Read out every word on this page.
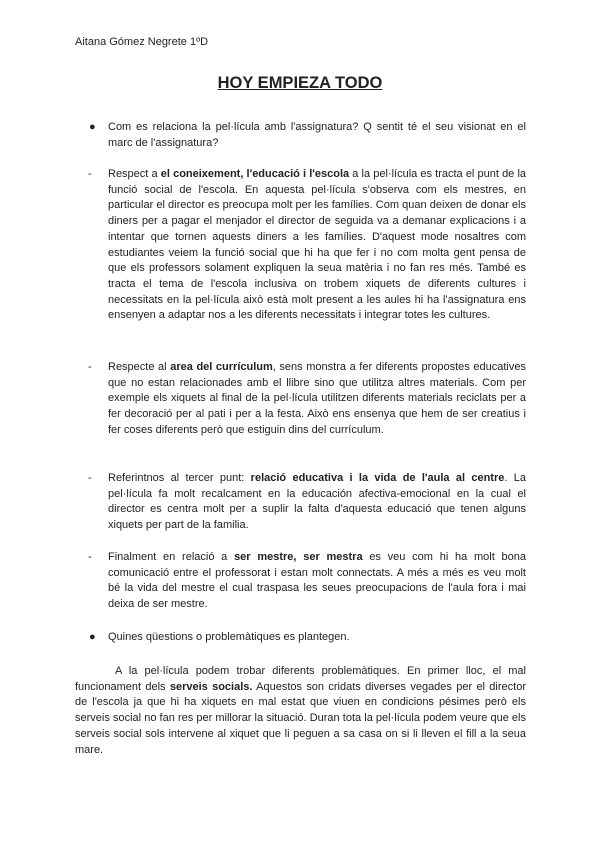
Aitana Gómez Negrete 1ºD
HOY EMPIEZA TODO
● Com es relaciona la pel·lícula amb l'assignatura? Q sentit té el seu visionat en el marc de l'assignatura?
- Respect a el coneixement, l'educació i l'escola a la pel·lícula es tracta el punt de la funció social de l'escola. En aquesta pel·lícula s'observa com els mestres, en particular el director es preocupa molt per les famílies. Com quan deixen de donar els diners per a pagar el menjador el director de seguida va a demanar explicacions i a intentar que tornen aquests diners a les famílies. D'aquest mode nosaltres com estudiantes veiem la funció social que hi ha que fer i no com molta gent pensa de que els professors solament expliquen la seua matèria i no fan res més. També es tracta el tema de l'escola inclusiva on trobem xiquets de diferents cultures i necessitats en la pel·lícula això està molt present a les aules hi ha l'assignatura ens ensenyen a adaptar nos a les diferents necessitats i integrar totes les cultures.
- Respecte al area del currículum, sens monstra a fer diferents propostes educatives que no estan relacionades amb el llibre sino que utilitza altres materials. Com per exemple els xiquets al final de la pel·lícula utilitzen diferents materials reciclats per a fer decoració per al pati i per a la festa. Això ens ensenya que hem de ser creatius i fer coses diferents però que estiguin dins del currículum.
- Referintnos al tercer punt: relació educativa i la vida de l'aula al centre. La pel·lícula fa molt recalcament en la educación afectiva-emocional en la cual el director es centra molt per a suplir la falta d'aquesta educació que tenen alguns xiquets per part de la familia.
- Finalment en relació a ser mestre, ser mestra es veu com hi ha molt bona comunicació entre el professorat i estan molt connectats. A més a més es veu molt bé la vida del mestre el cual traspasa les seues preocupacions de l'aula fora i mai deixa de ser mestre.
● Quines qüestions o problemàtiques es plantegen.
A la pel·lícula podem trobar diferents problemàtiques. En primer lloc, el mal funcionament dels serveis socials. Aquestos son cridats diverses vegades per el director de l'escola ja que hi ha xiquets en mal estat que viuen en condicions pésimes però els serveis social no fan res per millorar la situació. Duran tota la pel·lícula podem veure que els serveis social sols intervene al xiquet que li peguen a sa casa on si li lleven el fill a la seua mare.
